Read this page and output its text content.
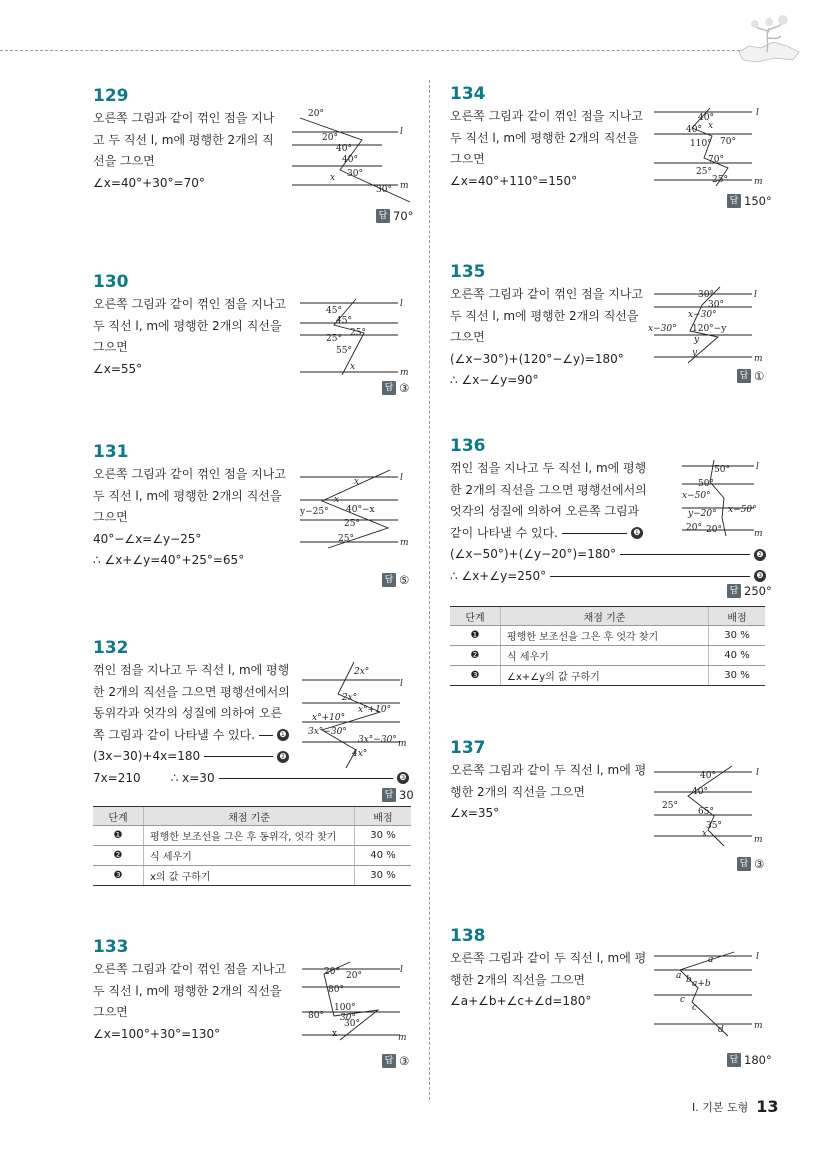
129
오른쪽 그림과 같이 꺾인 점을 지나
고 두 직선 l, m에 평행한 2개의 직
선을 그으면
∠x=40°+30°=70°
20°
20°
40°
40°
x 30°
30°
l
m
답 70°
130
오른쪽 그림과 같이 꺾인 점을 지나고
두 직선 l, m에 평행한 2개의 직선을
그으면
∠x=55°
45°
45°
25°
25°
55°
x
l
m
답 ③
131
오른쪽 그림과 같이 꺾인 점을 지나고
두 직선 l, m에 평행한 2개의 직선을
그으면
40°−∠x=∠y−25°
∴ ∠x+∠y=40°+25°=65°
x
x
y−25° 40°−x
25°
25°
l
m
답 ⑤
132
꺾인 점을 지나고 두 직선 l, m에 평행
한 2개의 직선을 그으면 평행선에서의
동위각과 엇각의 성질에 의하여 오른
쪽 그림과 같이 나타낼 수 있다.	❶
(3x−30)+4x=180	❷
7x=210	∴ x=30	❸
2x°
2x°
x°+10°
x°+10°
3x°−30°
3x°−30°
4x°
l
m
답 30
단계	채점 기준	배점
❶	평행한 보조선을 그은 후 동위각, 엇각 찾기	30 %
❷	식 세우기	40 %
❸	x의 값 구하기	30 %
133
오른쪽 그림과 같이 꺾인 점을 지나고
두 직선 l, m에 평행한 2개의 직선을
그으면
∠x=100°+30°=130°
20° 20°
80°
80°
100°
30°
30°
x
l
m
답 ③
134
오른쪽 그림과 같이 꺾인 점을 지나고
두 직선 l, m에 평행한 2개의 직선을
그으면
∠x=40°+110°=150°
40°
40° x
70°
110°
70°
25°
25°
l
m
답 150°
135
오른쪽 그림과 같이 꺾인 점을 지나고
두 직선 l, m에 평행한 2개의 직선을
그으면
(∠x−30°)+(120°−∠y)=180°
∴ ∠x−∠y=90°
30°
30°
x−30°
x−30° 120°−y
y
y
l
m
답 ①
136
꺾인 점을 지나고 두 직선 l, m에 평행
한 2개의 직선을 그으면 평행선에서의
엇각의 성질에 의하여 오른쪽 그림과
같이 나타낼 수 있다.	❶
(∠x−50°)+(∠y−20°)=180°	❷
∴ ∠x+∠y=250°	❸
50°
50°
x−50°
y−20° x−50°
20° 20°
l
m
답 250°
단계	채점 기준	배점
❶	평행한 보조선을 그은 후 엇각 찾기	30 %
❷	식 세우기	40 %
❸	∠x+∠y의 값 구하기	30 %
137
오른쪽 그림과 같이 두 직선 l, m에 평
행한 2개의 직선을 그으면
∠x=35°
40°
40°
25°
65°
35°
x
l
m
답 ③
138
오른쪽 그림과 같이 두 직선 l, m에 평
행한 2개의 직선을 그으면
∠a+∠b+∠c+∠d=180°
a
a b a+b
c
c
d
l
m
답 180°
Ⅰ. 기본 도형 13
